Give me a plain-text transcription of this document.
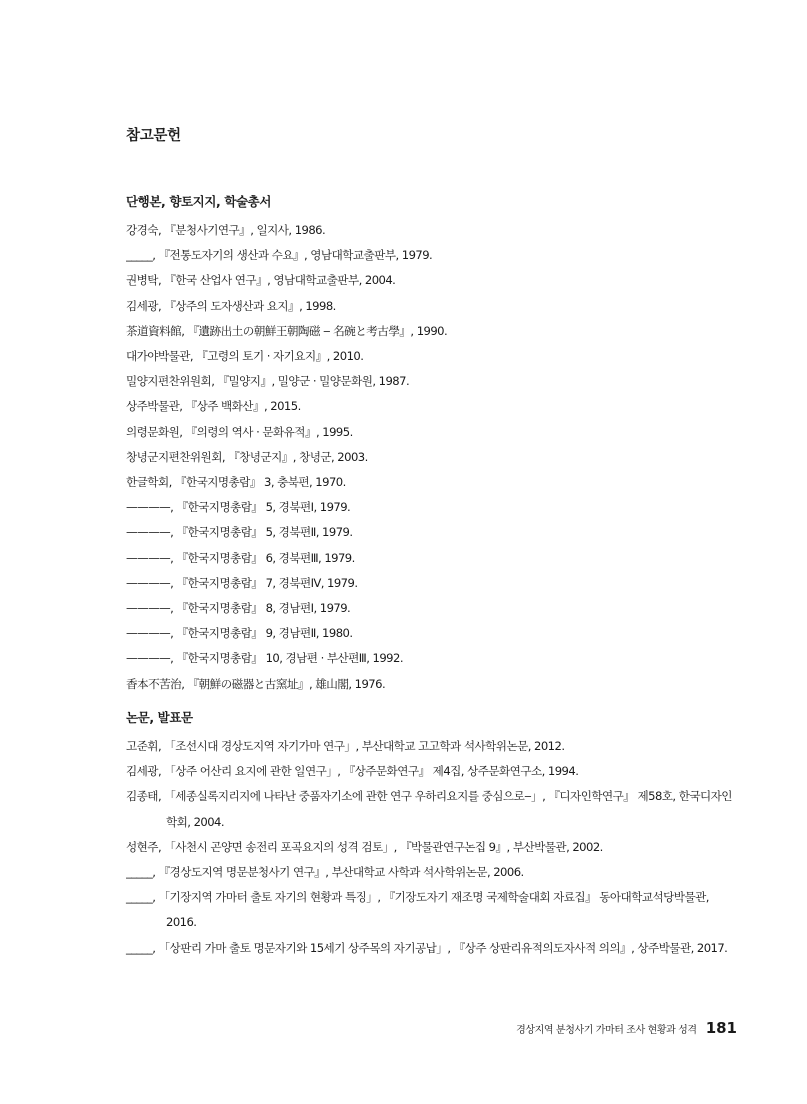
참고문헌
단행본, 향토지지, 학술총서
강경숙, 『분청사기연구』, 일지사, 1986.
_____, 『전통도자기의 생산과 수요』, 영남대학교출판부, 1979.
권병탁, 『한국 산업사 연구』, 영남대학교출판부, 2004.
김세광, 『상주의 도자생산과 요지』, 1998.
茶道資料館, 『遺跡出土の朝鮮王朝陶磁 ‒ 名碗と考古學』, 1990.
대가야박물관, 『고령의 토기 · 자기요지』, 2010.
밀양지편찬위원회, 『밀양지』, 밀양군 · 밀양문화원, 1987.
상주박물관, 『상주 백화산』, 2015.
의령문화원, 『의령의 역사 · 문화유적』, 1995.
창녕군지편찬위원회, 『창녕군지』, 창녕군, 2003.
한글학회, 『한국지명총람』 3, 충북편, 1970.
————, 『한국지명총람』 5, 경북편Ⅰ, 1979.
————, 『한국지명총람』 5, 경북편Ⅱ, 1979.
————, 『한국지명총람』 6, 경북편Ⅲ, 1979.
————, 『한국지명총람』 7, 경북편Ⅳ, 1979.
————, 『한국지명총람』 8, 경남편Ⅰ, 1979.
————, 『한국지명총람』 9, 경남편Ⅱ, 1980.
————, 『한국지명총람』 10, 경남편 · 부산편Ⅲ, 1992.
香本不苦治, 『朝鮮の磁器と古窯址』, 雄山閣, 1976.
논문, 발표문
고준휘, 「조선시대 경상도지역 자기가마 연구」, 부산대학교 고고학과 석사학위논문, 2012.
김세광, 「상주 어산리 요지에 관한 일연구」, 『상주문화연구』 제4집, 상주문화연구소, 1994.
김종태, 「세종실록지리지에 나타난 중품자기소에 관한 연구 우하리요지를 중심으로‒」, 『디자인학연구』 제58호, 한국디자인학회, 2004.
성현주, 「사천시 곤양면 송전리 포곡요지의 성격 검토」, 『박물관연구논집 9』, 부산박물관, 2002.
_____, 『경상도지역 명문분청사기 연구』, 부산대학교 사학과 석사학위논문, 2006.
_____, 「기장지역 가마터 출토 자기의 현황과 특징」, 『기장도자기 재조명 국제학술대회 자료집』 동아대학교석당박물관, 2016.
_____, 「상판리 가마 출토 명문자기와 15세기 상주목의 자기공납」, 『상주 상판리유적의도자사적 의의』, 상주박물관, 2017.
경상지역 분청사기 가마터 조사 현황과 성격 181
